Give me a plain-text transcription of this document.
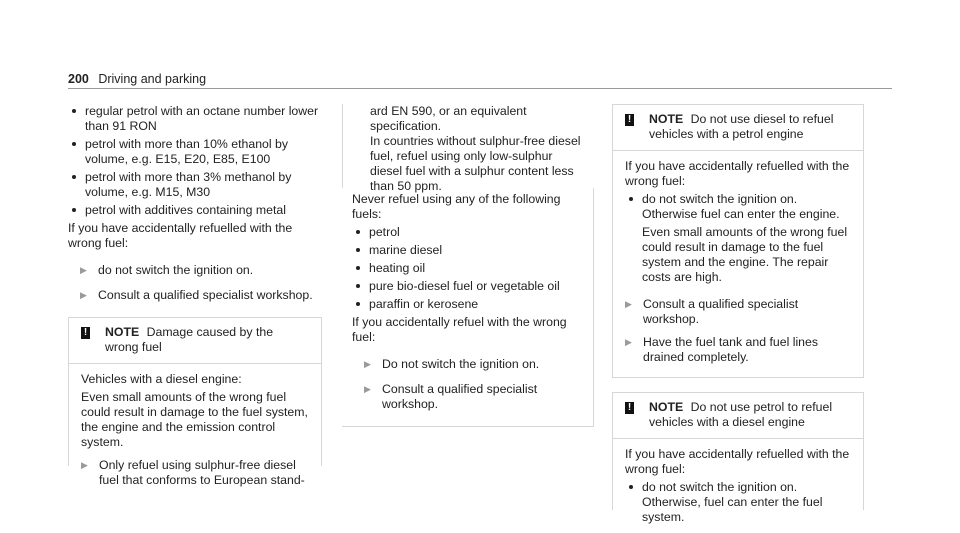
200 Driving and parking
regular petrol with an octane number lower than 91 RON
petrol with more than 10% ethanol by volume, e.g. E15, E20, E85, E100
petrol with more than 3% methanol by volume, e.g. M15, M30
petrol with additives containing metal

If you have accidentally refuelled with the wrong fuel:

▶ do not switch the ignition on.
▶ Consult a qualified specialist workshop.
! NOTE Damage caused by the wrong fuel

Vehicles with a diesel engine:

Even small amounts of the wrong fuel could result in damage to the fuel system, the engine and the emission control system.

▶ Only refuel using sulphur-free diesel fuel that conforms to European stand-

ard EN 590, or an equivalent specification.

In countries without sulphur-free diesel fuel, refuel using only low-sulphur diesel fuel with a sulphur content less than 50 ppm.

Never refuel using any of the following fuels:

petrol
marine diesel
heating oil
pure bio-diesel fuel or vegetable oil
paraffin or kerosene

If you accidentally refuel with the wrong fuel:

▶ Do not switch the ignition on.
▶ Consult a qualified specialist workshop.
! NOTE Do not use diesel to refuel vehicles with a petrol engine

If you have accidentally refuelled with the wrong fuel:

do not switch the ignition on. Otherwise fuel can enter the engine.
Even small amounts of the wrong fuel could result in damage to the fuel system and the engine. The repair costs are high.
▶ Consult a qualified specialist workshop.
▶ Have the fuel tank and fuel lines drained completely.
! NOTE Do not use petrol to refuel vehicles with a diesel engine

If you have accidentally refuelled with the wrong fuel:

do not switch the ignition on. Otherwise, fuel can enter the fuel system.
